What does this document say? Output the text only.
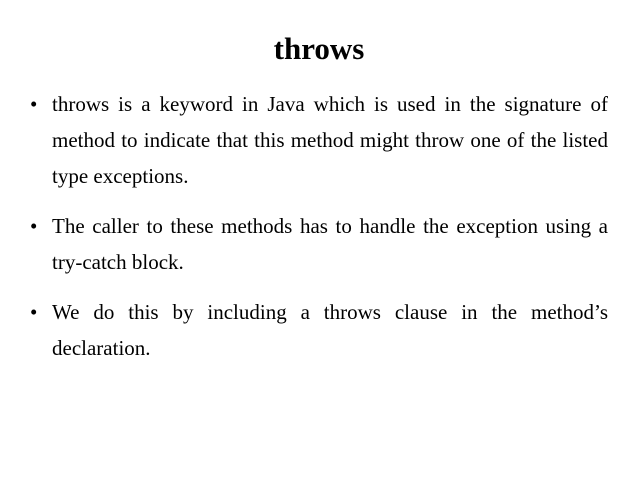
throws
• throws is a keyword in Java which is used in the signature of method to indicate that this method might throw one of the listed type exceptions.
• The caller to these methods has to handle the exception using a try-catch block.
• We do this by including a throws clause in the method’s declaration.
